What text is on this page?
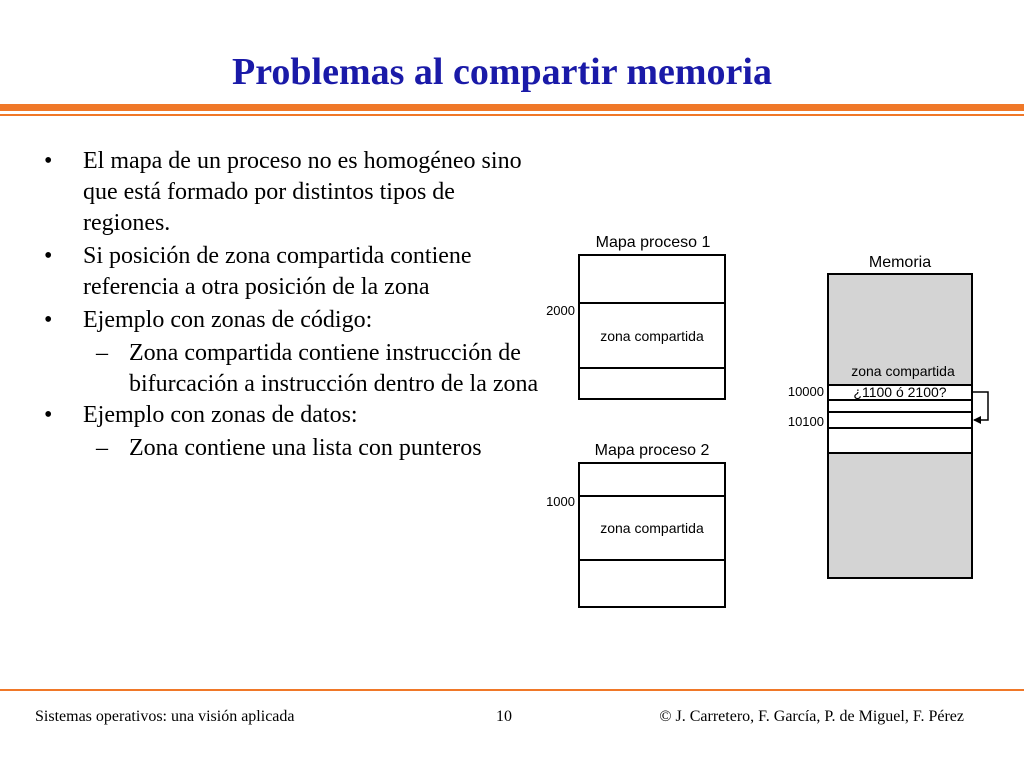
Problemas al compartir memoria
• El mapa de un proceso no es homogéneo sino que está formado por distintos tipos de regiones.
• Si posición de zona compartida contiene referencia a otra posición de la zona
• Ejemplo con zonas de código:
– Zona compartida contiene instrucción de bifurcación a instrucción dentro de la zona
• Ejemplo con zonas de datos:
– Zona contiene una lista con punteros
Mapa proceso 1
2000
zona compartida
Mapa proceso 2
1000
zona compartida
Memoria
zona compartida
¿1100 ó 2100?
10000
10100
Sistemas operativos: una visión aplicada	10	© J. Carretero, F. García, P. de Miguel, F. Pérez
